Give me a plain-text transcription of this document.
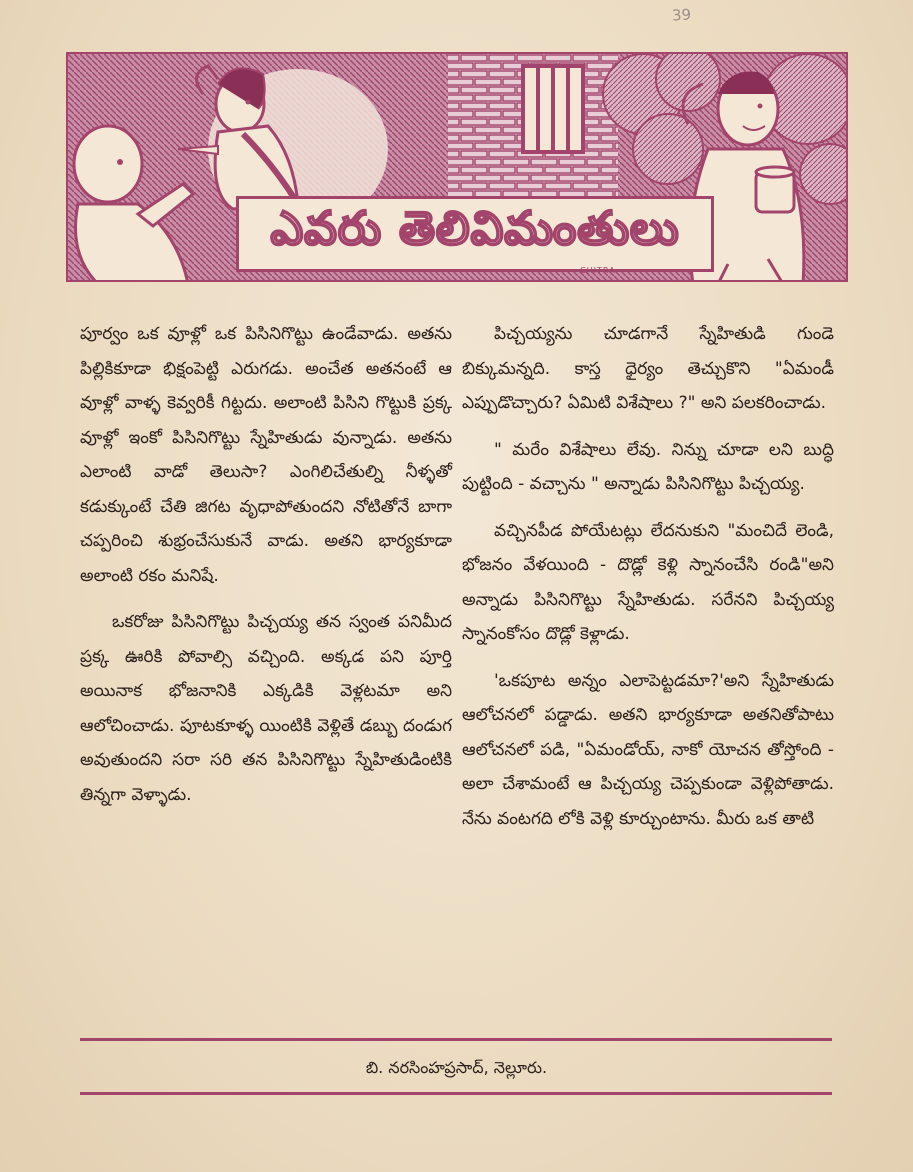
39
ఎవరు తెలివిమంతులు
CHITRA

పూర్వం ఒక వూళ్లో ఒక పిసినిగొట్టు ఉండేవాడు. అతను పిల్లికికూడా భిక్షంపెట్టి ఎరుగడు. అంచేత అతనంటే ఆ వూళ్లో వాళ్ళ కెవ్వరికీ గిట్టదు. అలాంటి పిసిని గొట్టుకి ప్రక్క వూళ్లో ఇంకో పిసినిగొట్టు స్నేహితుడు వున్నాడు. అతను ఎలాంటి వాడో తెలుసా? ఎంగిలిచేతుల్ని నీళ్ళతో కడుక్కుంటే చేతి జిగట వృధాపోతుందని నోటితోనే బాగా చప్పరించి శుభ్రంచేసుకునే వాడు. అతని భార్యకూడా అలాంటి రకం మనిషే.

ఒకరోజు పిసినిగొట్టు పిచ్చయ్య తన స్వంత పనిమీద ప్రక్క ఊరికి పోవాల్సి వచ్చింది. అక్కడ పని పూర్తి అయినాక భోజనానికి ఎక్కడికి వెళ్లటమా అని ఆలోచించాడు. పూటకూళ్ళ యింటికి వెళ్లితే డబ్బు దండుగ అవుతుందని సరా సరి తన పిసినిగొట్టు స్నేహితుడింటికి తిన్నగా వెళ్ళాడు.

పిచ్చయ్యను చూడగానే స్నేహితుడి గుండె బిక్కుమన్నది. కాస్త ధైర్యం తెచ్చుకొని "ఏమండీ ఎప్పుడొచ్చారు? ఏమిటి విశేషాలు ?" అని పలకరించాడు.

" మరేం విశేషాలు లేవు. నిన్ను చూడా లని బుద్ధి పుట్టింది - వచ్చాను " అన్నాడు పిసినిగొట్టు పిచ్చయ్య.

వచ్చినపీడ పోయేటట్లు లేదనుకుని "మంచిదే లెండి, భోజనం వేళయింది - దొడ్లో కెళ్లి స్నానంచేసి రండి"అని అన్నాడు పిసినిగొట్టు స్నేహితుడు. సరేనని పిచ్చయ్య స్నానంకోసం దొడ్లో కెళ్లాడు.

'ఒకపూట అన్నం ఎలాపెట్టడమా?'అని స్నేహితుడు ఆలోచనలో పడ్డాడు. అతని భార్యకూడా అతనితోపాటు ఆలోచనలో పడి, "ఏమండోయ్, నాకో యోచన తోస్తోంది - అలా చేశామంటే ఆ పిచ్చయ్య చెప్పకుండా వెళ్లిపోతాడు. నేను వంటగది లోకి వెళ్లి కూర్చుంటాను. మీరు ఒక తాటి

బి. నరసింహప్రసాద్, నెల్లూరు.
